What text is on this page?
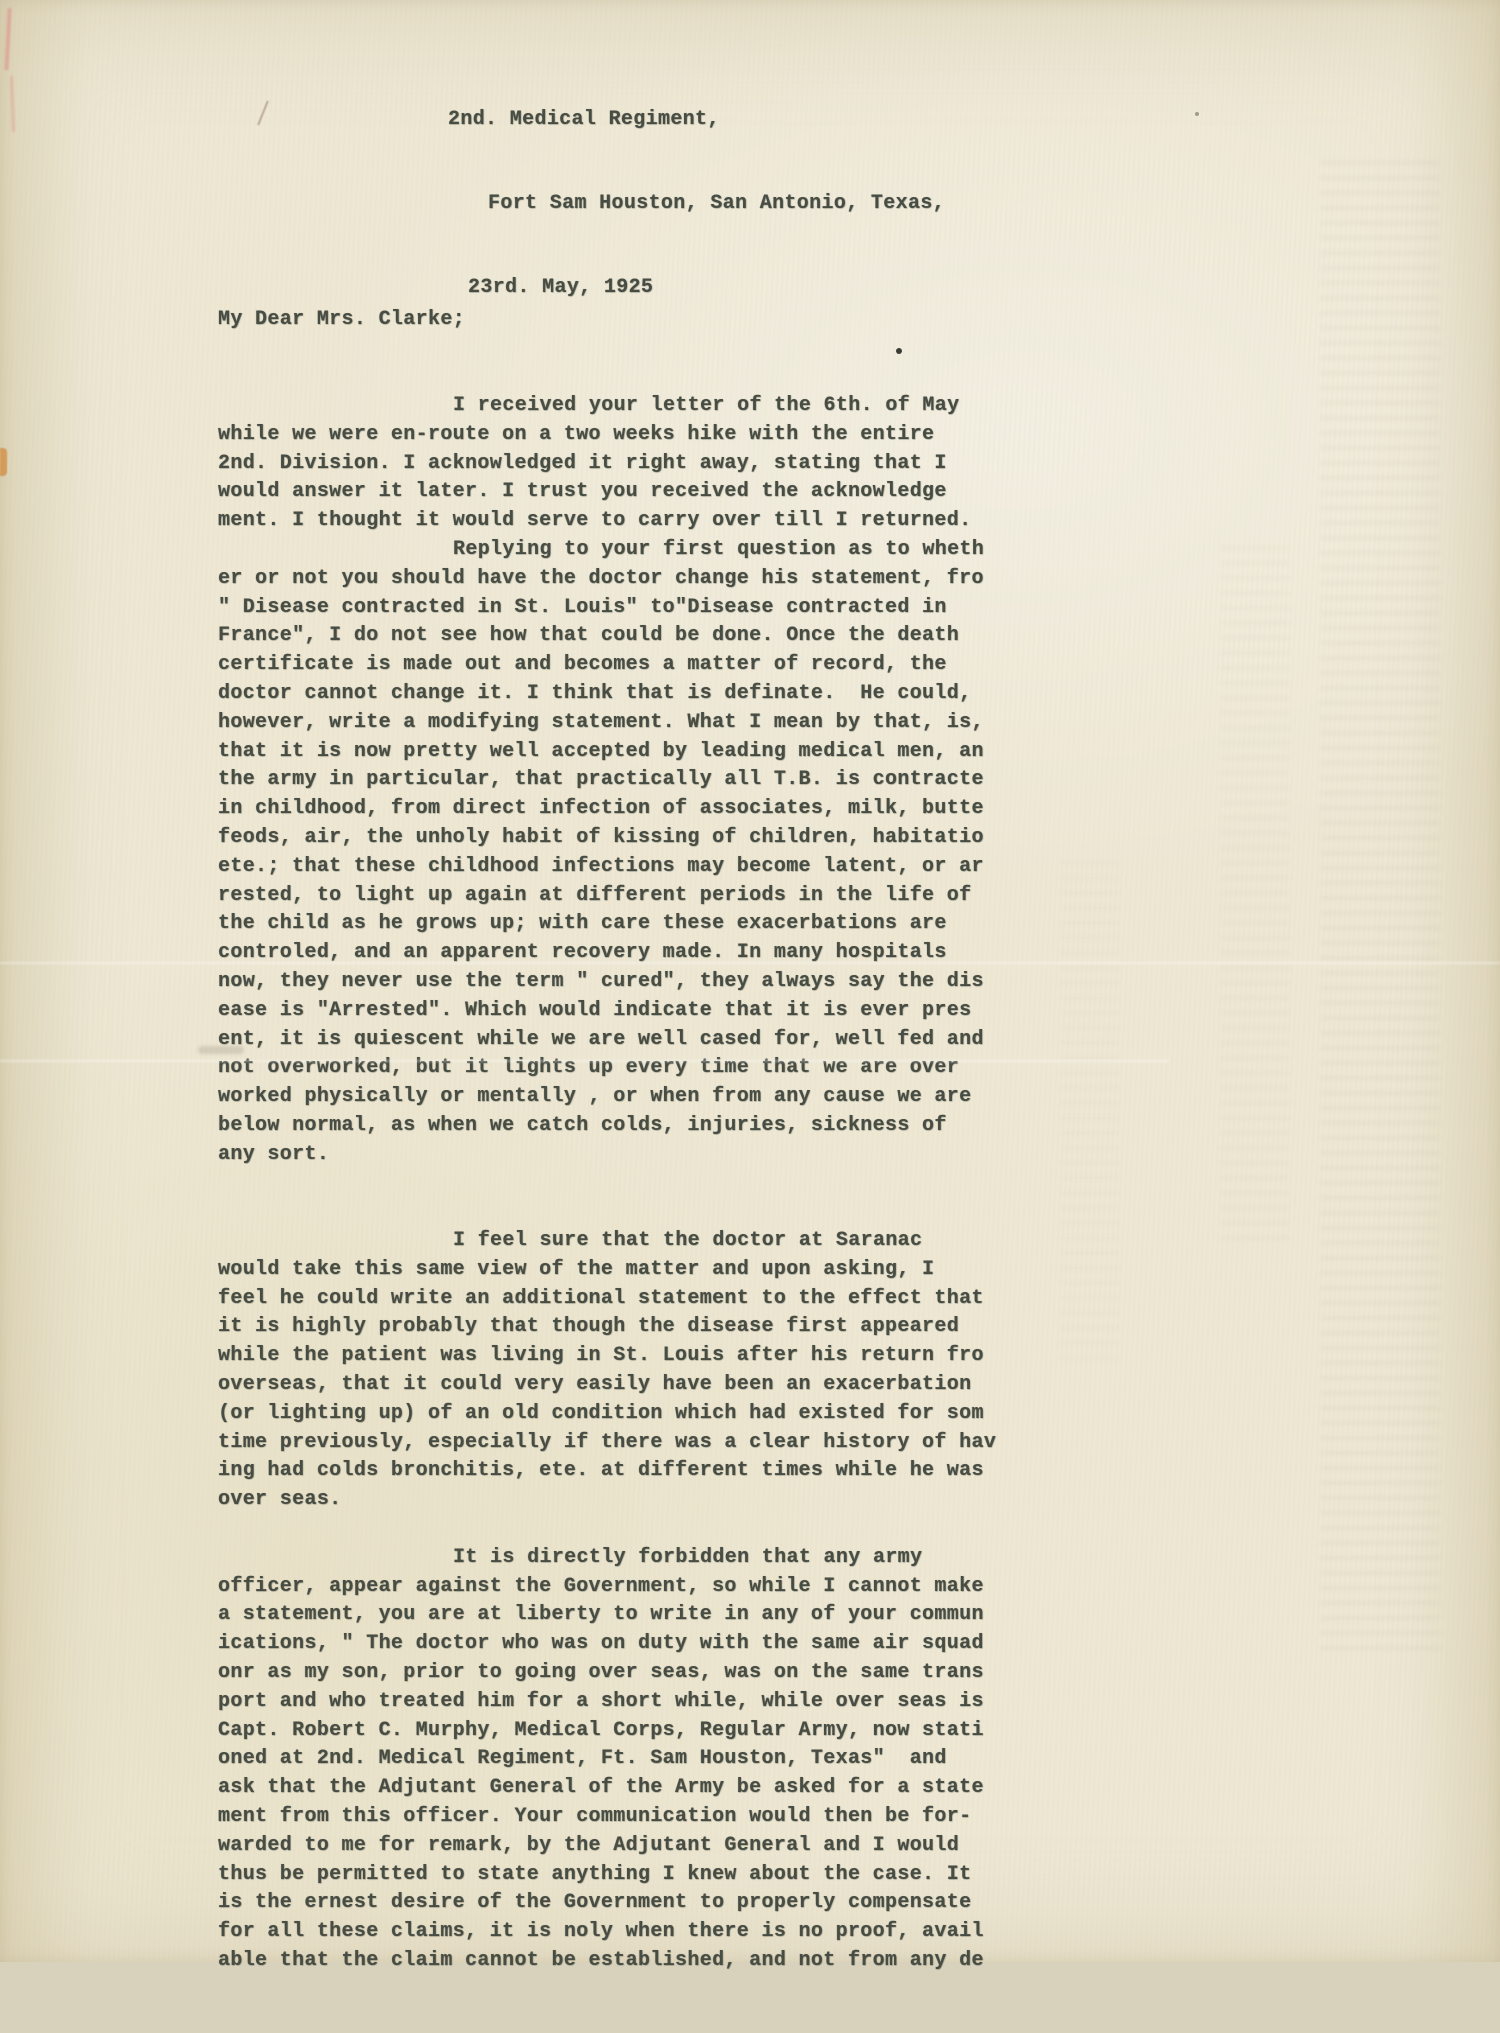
2nd. Medical Regiment,

Fort Sam Houston, San Antonio, Texas,

23rd. May, 1925

My Dear Mrs. Clarke;

I received your letter of the 6th. of May
while we were en-route on a two weeks hike with the entire
2nd. Division. I acknowledged it right away, stating that I
would answer it later. I trust you received the acknowledge
ment. I thought it would serve to carry over till I returned.
Replying to your first question as to wheth
er or not you should have the doctor change his statement, fro
" Disease contracted in St. Louis" to"Disease contracted in
France", I do not see how that could be done. Once the death
certificate is made out and becomes a matter of record, the
doctor cannot change it. I think that is definate.  He could,
however, write a modifying statement. What I mean by that, is,
that it is now pretty well accepted by leading medical men, an
the army in particular, that practically all T.B. is contracte
in childhood, from direct infection of associates, milk, butte
feods, air, the unholy habit of kissing of children, habitatio
ete.; that these childhood infections may become latent, or ar
rested, to light up again at different periods in the life of
the child as he grows up; with care these exacerbations are
controled, and an apparent recovery made. In many hospitals
now, they never use the term " cured", they always say the dis
ease is "Arrested". Which would indicate that it is ever pres
ent, it is quiescent while we are well cased for, well fed and
not overworked, but it lights up every time that we are over
worked physically or mentally , or when from any cause we are
below normal, as when we catch colds, injuries, sickness of
any sort.
I feel sure that the doctor at Saranac
would take this same view of the matter and upon asking, I
feel he could write an additional statement to the effect that
it is highly probably that though the disease first appeared
while the patient was living in St. Louis after his return fro
overseas, that it could very easily have been an exacerbation
(or lighting up) of an old condition which had existed for som
time previously, especially if there was a clear history of hav
ing had colds bronchitis, ete. at different times while he was
over seas.
It is directly forbidden that any army
officer, appear against the Government, so while I cannot make
a statement, you are at liberty to write in any of your commun
ications, " The doctor who was on duty with the same air squad
onr as my son, prior to going over seas, was on the same trans
port and who treated him for a short while, while over seas is
Capt. Robert C. Murphy, Medical Corps, Regular Army, now stati
oned at 2nd. Medical Regiment, Ft. Sam Houston, Texas"  and
ask that the Adjutant General of the Army be asked for a state
ment from this officer. Your communication would then be for-
warded to me for remark, by the Adjutant General and I would
thus be permitted to state anything I knew about the case. It
is the ernest desire of the Government to properly compensate
for all these claims, it is noly when there is no proof, avail
able that the claim cannot be established, and not from any de
